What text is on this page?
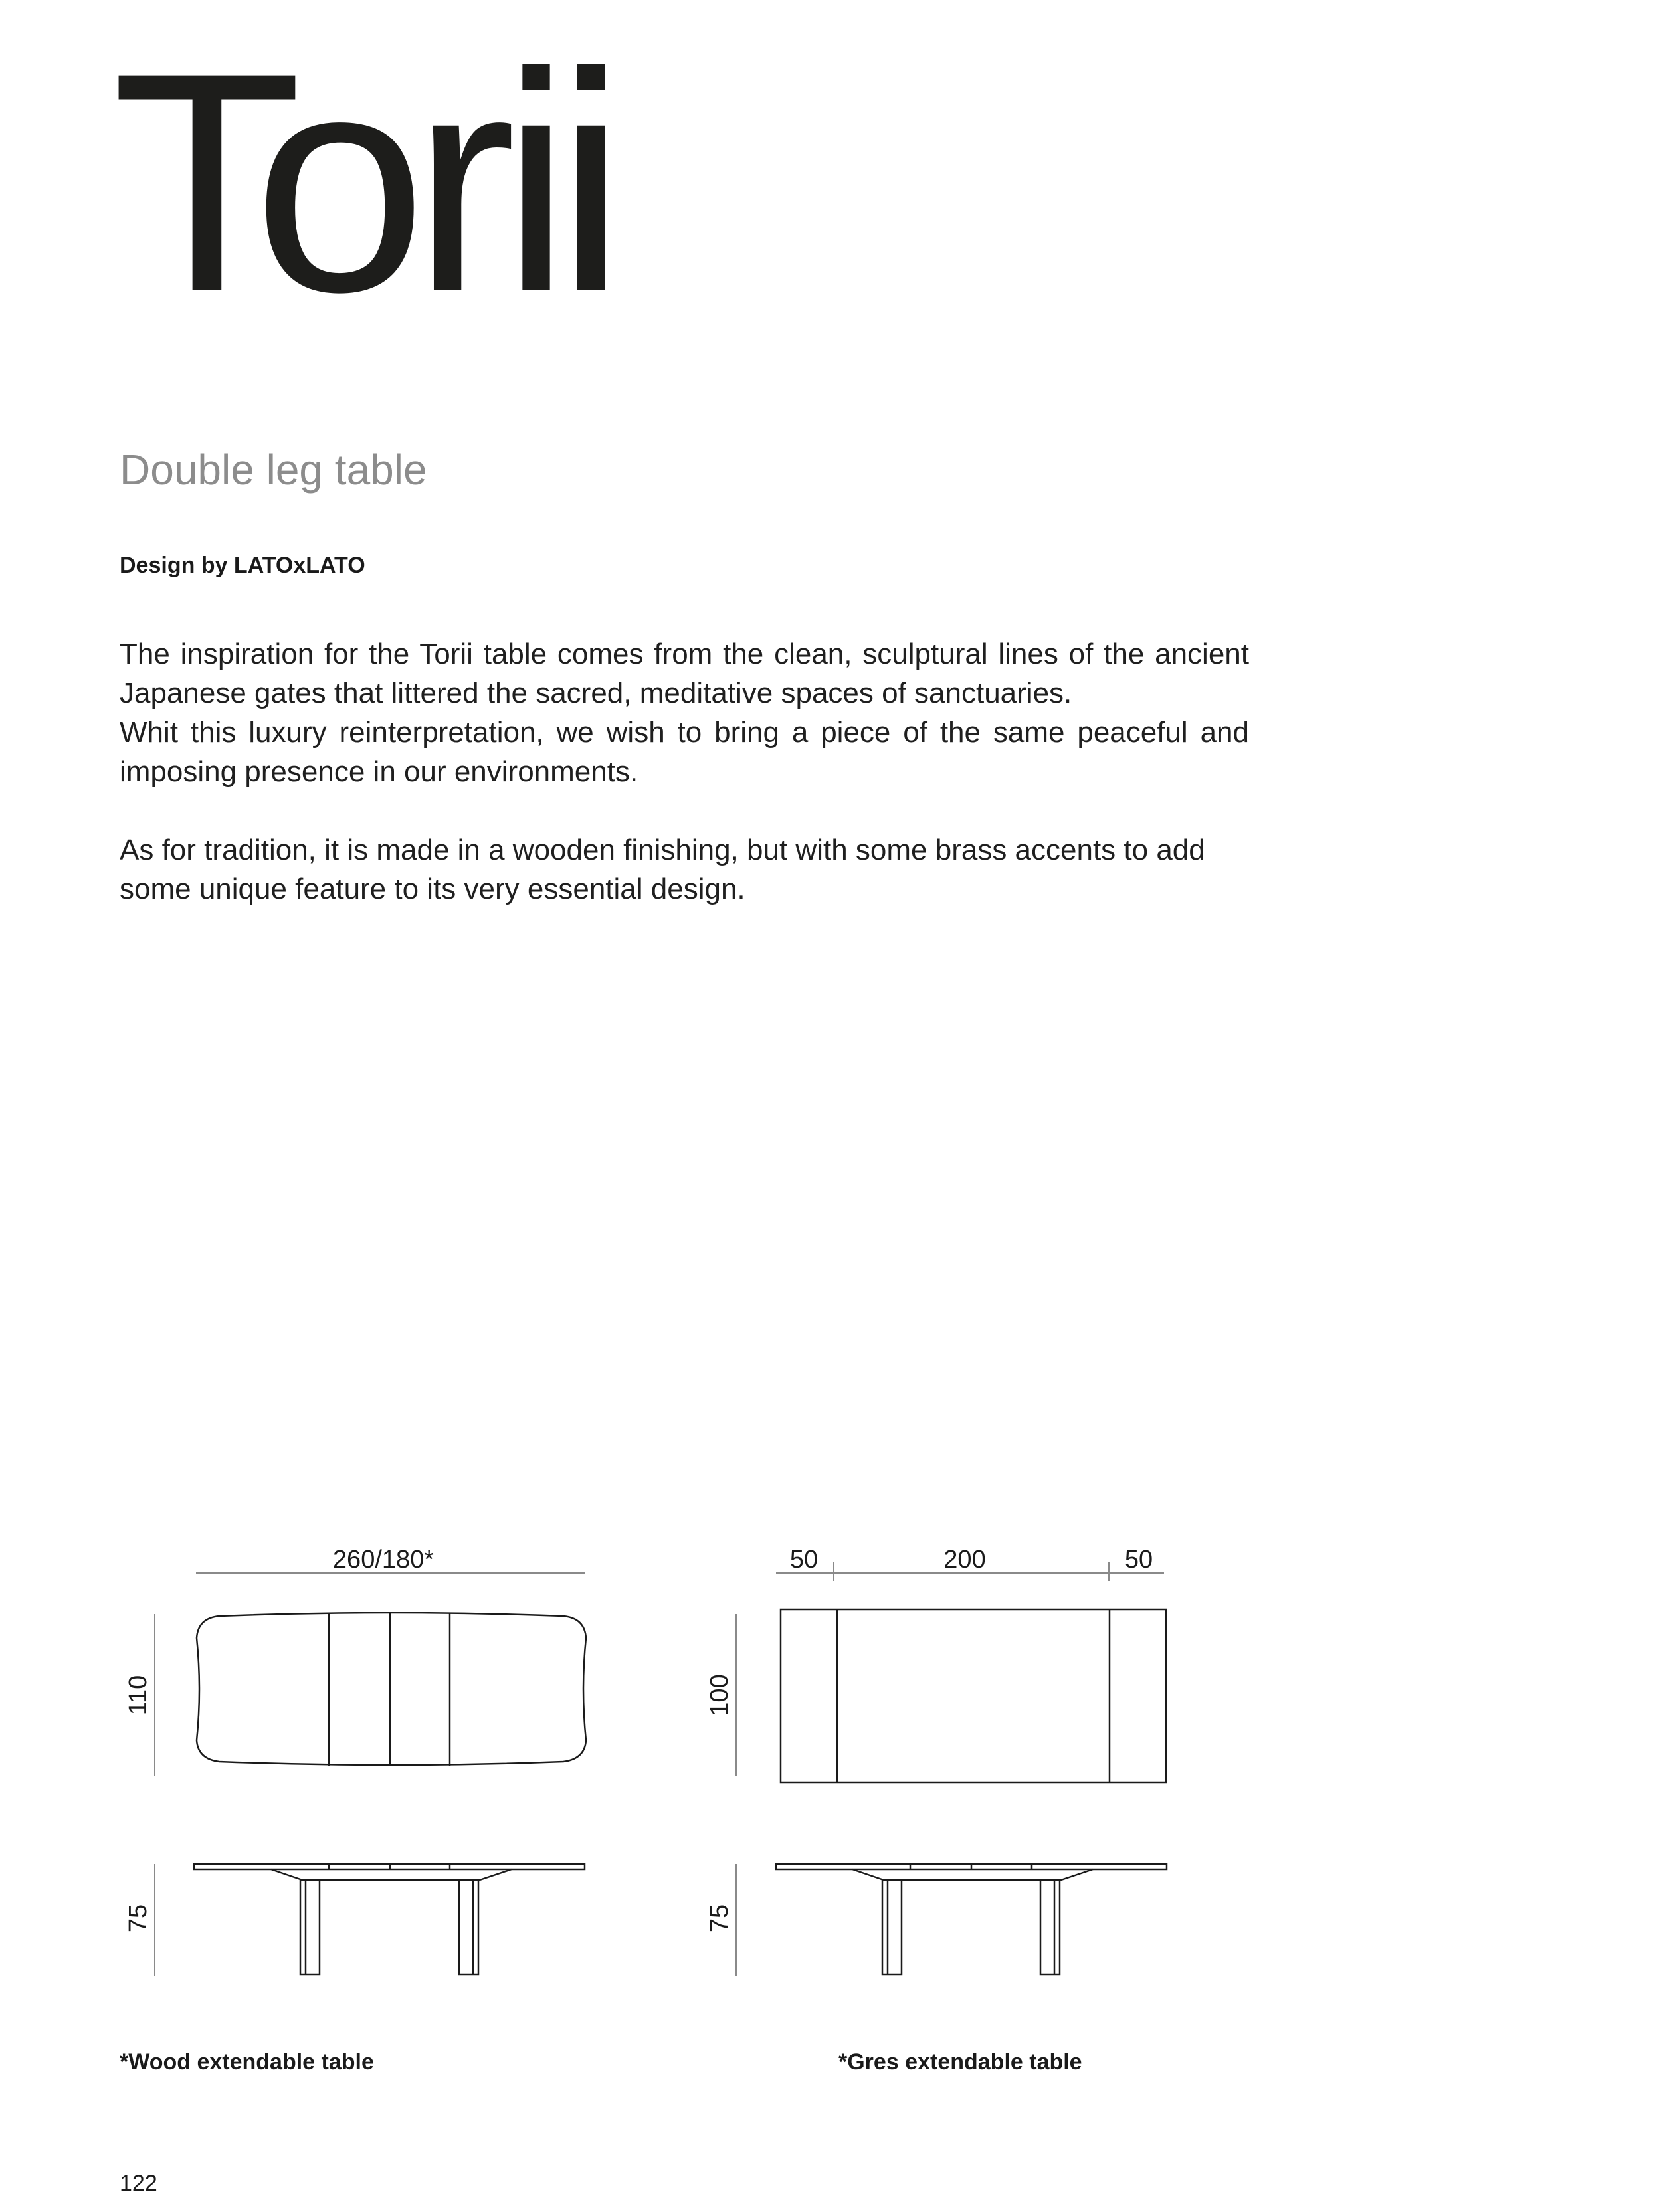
Torii
Double leg table

Design by LATOxLATO

The inspiration for the Torii table comes from the clean, sculptural lines of the ancient Japanese gates that littered the sacred, meditative spaces of sanctuaries.

Whit this luxury reinterpretation, we wish to bring a piece of the same peaceful and imposing presence in our environments.

As for tradition, it is made in a wooden finishing, but with some brass accents to add some unique feature to its very essential design.

260/180*
110
75
50	200	50
100
75

*Wood extendable table	*Gres extendable table

122
